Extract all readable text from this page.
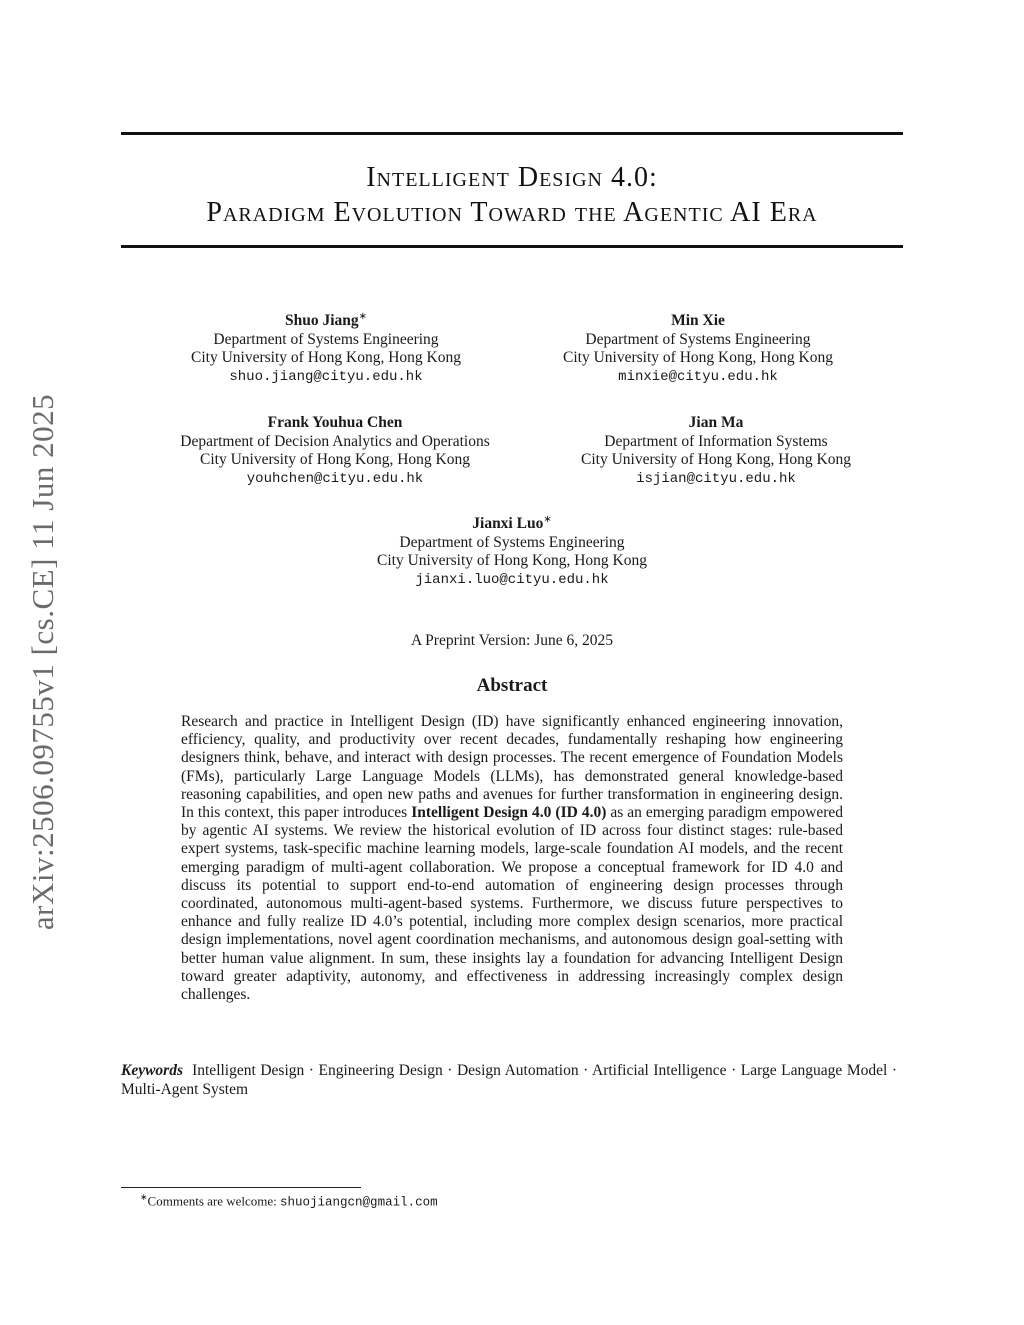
arXiv:2506.09755v1 [cs.CE] 11 Jun 2025
Intelligent Design 4.0:
Paradigm Evolution Toward the Agentic AI Era
Shuo Jiang∗
Department of Systems Engineering
City University of Hong Kong, Hong Kong
shuo.jiang@cityu.edu.hk
Min Xie
Department of Systems Engineering
City University of Hong Kong, Hong Kong
minxie@cityu.edu.hk
Frank Youhua Chen
Department of Decision Analytics and Operations
City University of Hong Kong, Hong Kong
youhchen@cityu.edu.hk
Jian Ma
Department of Information Systems
City University of Hong Kong, Hong Kong
isjian@cityu.edu.hk
Jianxi Luo∗
Department of Systems Engineering
City University of Hong Kong, Hong Kong
jianxi.luo@cityu.edu.hk
A Preprint Version: June 6, 2025
Abstract
Research and practice in Intelligent Design (ID) have significantly enhanced engineering innovation, efficiency, quality, and productivity over recent decades, fundamentally reshaping how engineering designers think, behave, and interact with design processes. The recent emergence of Foundation Models (FMs), particularly Large Language Models (LLMs), has demonstrated general knowledge-based reasoning capabilities, and open new paths and avenues for further transformation in engineering design. In this context, this paper introduces Intelligent Design 4.0 (ID 4.0) as an emerging paradigm empowered by agentic AI systems. We review the historical evolution of ID across four distinct stages: rule-based expert systems, task-specific machine learning models, large-scale foundation AI models, and the recent emerging paradigm of multi-agent collaboration. We propose a conceptual framework for ID 4.0 and discuss its potential to support end-to-end automation of engineering design processes through coordinated, autonomous multi-agent-based systems. Furthermore, we discuss future perspectives to enhance and fully realize ID 4.0’s potential, including more complex design scenarios, more practical design implementations, novel agent coordination mechanisms, and autonomous design goal-setting with better human value alignment. In sum, these insights lay a foundation for advancing Intelligent Design toward greater adaptivity, autonomy, and effectiveness in addressing increasingly complex design challenges.
Keywords Intelligent Design · Engineering Design · Design Automation · Artificial Intelligence · Large Language Model · Multi-Agent System
∗Comments are welcome: shuojiangcn@gmail.com
